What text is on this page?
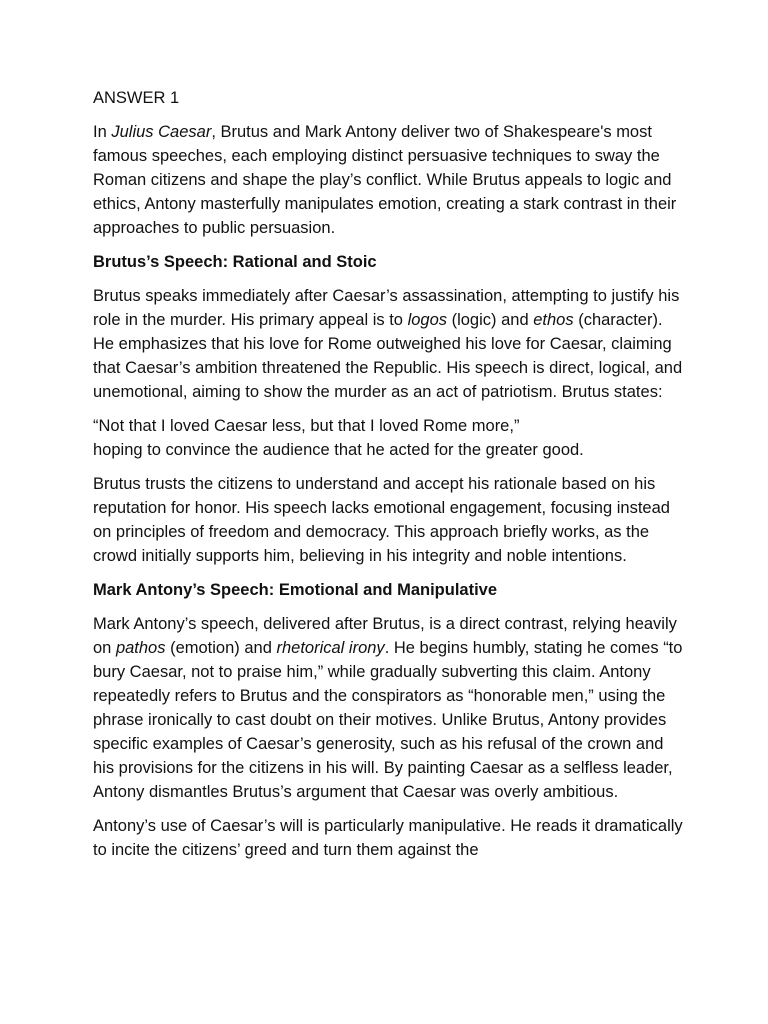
ANSWER 1

In Julius Caesar, Brutus and Mark Antony deliver two of Shakespeare's most famous speeches, each employing distinct persuasive techniques to sway the Roman citizens and shape the play’s conflict. While Brutus appeals to logic and ethics, Antony masterfully manipulates emotion, creating a stark contrast in their approaches to public persuasion.

Brutus’s Speech: Rational and Stoic

Brutus speaks immediately after Caesar’s assassination, attempting to justify his role in the murder. His primary appeal is to logos (logic) and ethos (character). He emphasizes that his love for Rome outweighed his love for Caesar, claiming that Caesar’s ambition threatened the Republic. His speech is direct, logical, and unemotional, aiming to show the murder as an act of patriotism. Brutus states:

“Not that I loved Caesar less, but that I loved Rome more,”
hoping to convince the audience that he acted for the greater good.

Brutus trusts the citizens to understand and accept his rationale based on his reputation for honor. His speech lacks emotional engagement, focusing instead on principles of freedom and democracy. This approach briefly works, as the crowd initially supports him, believing in his integrity and noble intentions.

Mark Antony’s Speech: Emotional and Manipulative

Mark Antony’s speech, delivered after Brutus, is a direct contrast, relying heavily on pathos (emotion) and rhetorical irony. He begins humbly, stating he comes “to bury Caesar, not to praise him,” while gradually subverting this claim. Antony repeatedly refers to Brutus and the conspirators as “honorable men,” using the phrase ironically to cast doubt on their motives. Unlike Brutus, Antony provides specific examples of Caesar’s generosity, such as his refusal of the crown and his provisions for the citizens in his will. By painting Caesar as a selfless leader, Antony dismantles Brutus’s argument that Caesar was overly ambitious.

Antony’s use of Caesar’s will is particularly manipulative. He reads it dramatically to incite the citizens’ greed and turn them against the
